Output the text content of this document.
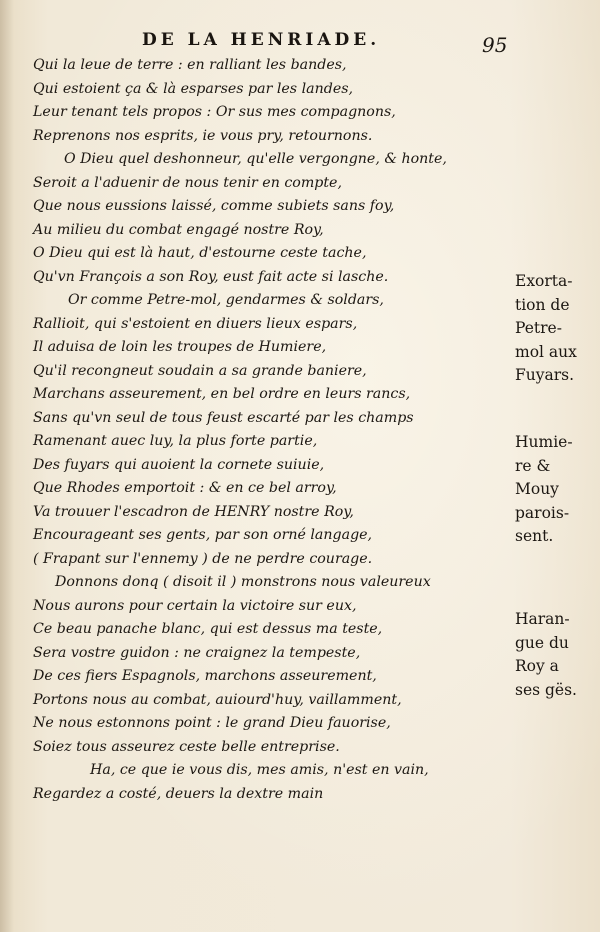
DE LA HENRIADE.	95
Qui la leue de terre : en ralliant les bandes,
Qui estoient ça & là esparses par les landes,
Leur tenant tels propos : Or sus mes compagnons,
Reprenons nos esprits, ie vous pry, retournons.
O Dieu quel deshonneur, qu'elle vergongne, & honte,
Seroit a l'aduenir de nous tenir en compte,
Que nous eussions laissé, comme subiets sans foy,
Au milieu du combat engagé nostre Roy,
O Dieu qui est là haut, d'estourne ceste tache,
Qu'vn François a son Roy, eust fait acte si lasche.
Or comme Petre-mol, gendarmes & soldars,
Rallioit, qui s'estoient en diuers lieux espars,
Il aduisa de loin les troupes de Humiere,
Qu'il recongneut soudain a sa grande baniere,
Marchans asseurement, en bel ordre en leurs rancs,
Sans qu'vn seul de tous feust escarté par les champs
Ramenant auec luy, la plus forte partie,
Des fuyars qui auoient la cornete suiuie,
Que Rhodes emportoit : & en ce bel arroy,
Va trouuer l'escadron de HENRY nostre Roy,
Encourageant ses gents, par son orné langage,
( Frapant sur l'ennemy ) de ne perdre courage.
Donnons donq ( disoit il ) monstrons nous valeureux
Nous aurons pour certain la victoire sur eux,
Ce beau panache blanc, qui est dessus ma teste,
Sera vostre guidon : ne craignez la tempeste,
De ces fiers Espagnols, marchons asseurement,
Portons nous au combat, auiourd'huy, vaillamment,
Ne nous estonnons point : le grand Dieu fauorise,
Soiez tous asseurez ceste belle entreprise.
Ha, ce que ie vous dis, mes amis, n'est en vain,
Regardez a costé, deuers la dextre main
Exorta-
tion de
Petre-
mol aux
Fuyars.
Humie-
re &
Mouy
parois-
sent.
Haran-
gue du
Roy a
ses gës.
